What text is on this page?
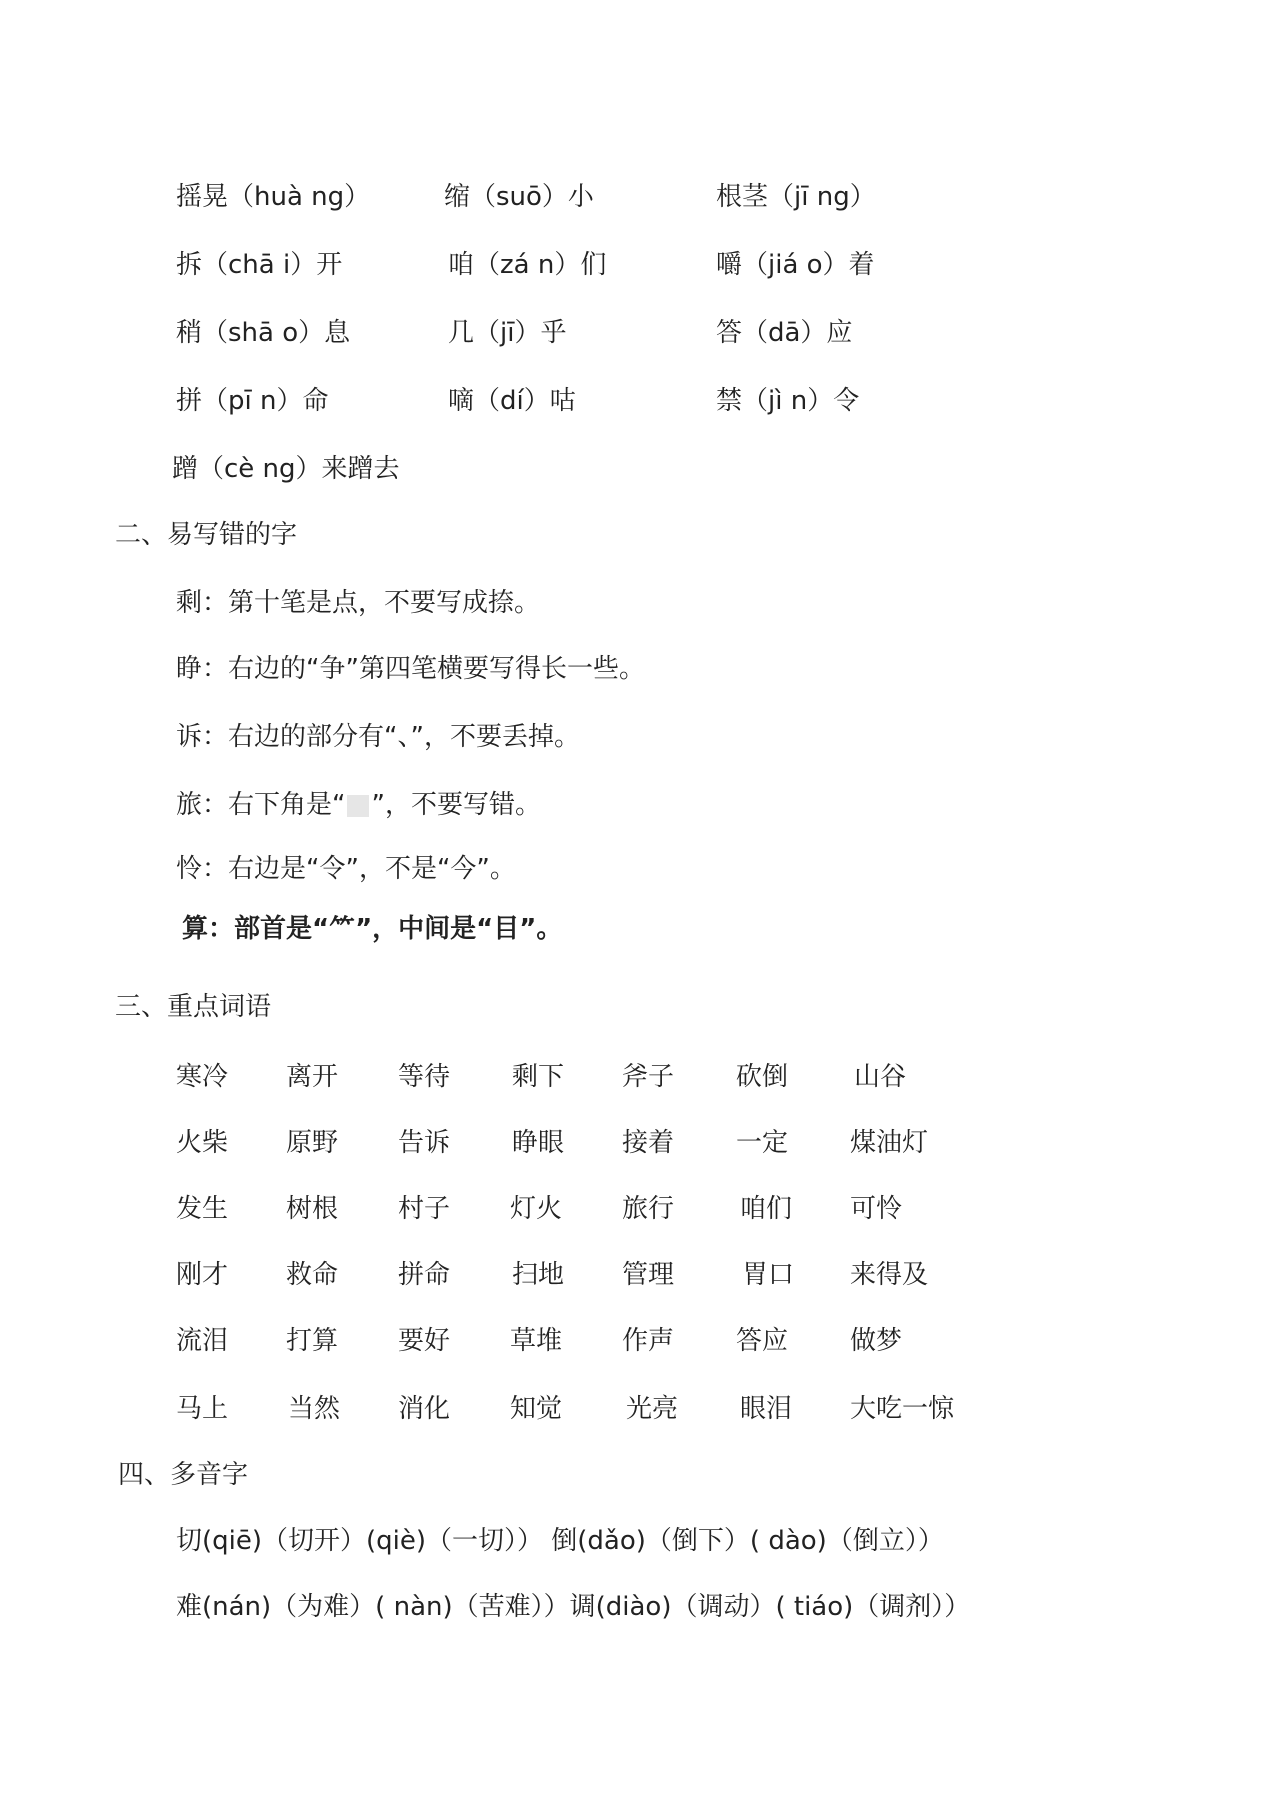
摇晃（huà ng）	缩（suō）小	根茎（jī ng）
拆（chā i）开	咱（zá n）们	嚼（jiá o）着
稍（shā o）息	几（jī）乎	答（dā）应
拼（pī n）命	嘀（dí）咕	禁（jì n）令
蹭（cè ng）来蹭去
二、易写错的字
剩：第十笔是点，不要写成捺。
睁：右边的“争”第四笔横要写得长一些。
诉：右边的部分有“、”，不要丢掉。
旅：右下角是“ ”，不要写错。
怜：右边是“令”，不是“今”。
算：部首是“⺮”，中间是“目”。
三、重点词语
寒冷 离开 等待 剩下 斧子 砍倒	山谷
火柴 原野 告诉 睁眼 接着 一定 煤油灯
发生 树根 村子 灯火 旅行	咱们 可怜
刚才 救命 拼命 扫地 管理	胃口 来得及
流泪 打算 要好 草堆 作声 答应 做梦
马上 当然 消化 知觉 光亮 眼泪 大吃一惊
四、多音字
切(qiē)（切开）(qiè)（一切）） 倒(dǎo)（倒下）( dào)（倒立））
难(nán)（为难）( nàn)（苦难））调(diào)（调动）( tiáo)（调剂））
